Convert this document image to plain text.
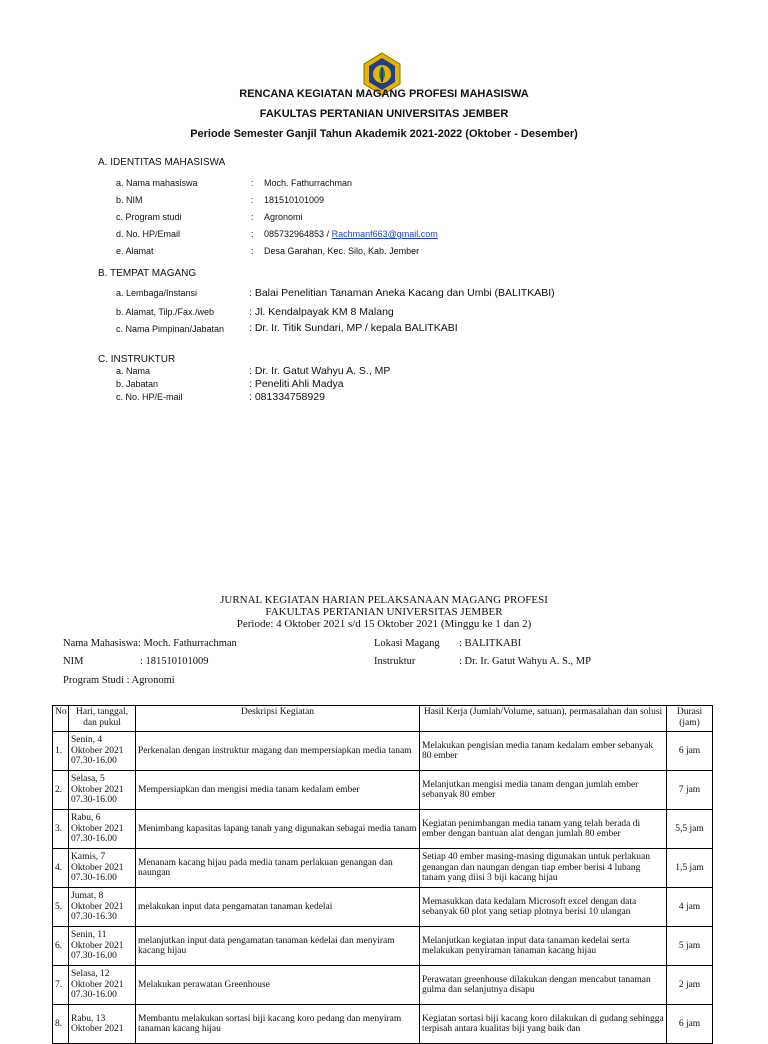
RENCANA KEGIATAN MAGANG PROFESI MAHASISWA
FAKULTAS PERTANIAN UNIVERSITAS JEMBER
Periode Semester Ganjil Tahun Akademik 2021-2022 (Oktober - Desember)
A. IDENTITAS MAHASISWA
a. Nama mahasiswa	: Moch. Fathurrachman
b. NIM	: 181510101009
c. Program studi	: Agronomi
d. No. HP/Email	: 085732964853 / Rachmanf663@gmail.com
e. Alamat	: Desa Garahan, Kec. Silo, Kab. Jember
B. TEMPAT MAGANG
a. Lembaga/Instansi	: Balai Penelitian Tanaman Aneka Kacang dan Umbi (BALITKABI)
b. Alamat, Tilp./Fax./web	: Jl. Kendalpayak KM 8 Malang
c. Nama Pimpinan/Jabatan : Dr. Ir. Titik Sundari, MP / kepala BALITKABI
C. INSTRUKTUR
a. Nama	: Dr. Ir. Gatut Wahyu A. S., MP
b. Jabatan	: Peneliti Ahli Madya
c. No. HP/E-mail	: 081334758929
JURNAL KEGIATAN HARIAN PELAKSANAAN MAGANG PROFESI
FAKULTAS PERTANIAN UNIVERSITAS JEMBER
Periode: 4 Oktober 2021 s/d 15 Oktober 2021 (Minggu ke 1 dan 2)
Nama Mahasiswa: Moch. Fathurrachman	Lokasi Magang : BALITKABI
NIM	: 181510101009	Instruktur	: Dr. Ir. Gatut Wahyu A. S., MP
Program Studi : Agronomi
No	Hari, tanggal, dan pukul	Deskripsi Kegiatan	Hasil Kerja (Jumlah/Volume, satuan), permasalahan dan solusi	Durasi (jam)
1.	Senin, 4 Oktober 2021 07.30-16.00	Perkenalan dengan instruktur magang dan mempersiapkan media tanam	Melakukan pengisian media tanam kedalam ember sebanyak 80 ember	6 jam
2.	Selasa, 5 Oktober 2021 07.30-16.00	Mempersiapkan dan mengisi media tanam kedalam ember	Melanjutkan mengisi media tanam dengan jumlah ember sebanyak 80 ember	7 jam
3.	Rabu, 6 Oktober 2021 07.30-16.00	Menimbang kapasitas lapang tanah yang digunakan sebagai media tanam	Kegiatan penimbangan media tanam yang telah berada di ember dengan bantuan alat dengan jumlah 80 ember	5,5 jam
4.	Kamis, 7 Oktober 2021 07.30-16.00	Menanam kacang hijau pada media tanam perlakuan genangan dan naungan	Setiap 40 ember masing-masing digunakan untuk perlakuan genangan dan naungan dengan tiap ember berisi 4 lubang tanam yang diisi 3 biji kacang hijau	1,5 jam
5.	Jumat, 8 Oktober 2021 07.30-16.30	melakukan input data pengamatan tanaman kedelai	Memasukkan data kedalam Microsoft excel dengan data sebanyak 60 plot yang setiap plotnya berisi 10 ulangan	4 jam
6.	Senin, 11 Oktober 2021 07.30-16.00	melanjutkan input data pengamatan tanaman kedelai dan menyiram kacang hijau	Melanjutkan kegiatan input data tanaman kedelai serta melakukan penyiraman tanaman kacang hijau	5 jam
7.	Selasa, 12 Oktober 2021 07.30-16.00	Melakukan perawatan Greenhouse	Perawatan greenhouse dilakukan dengan mencabut tanaman gulma dan selanjutnya disapu	2 jam
8.	Rabu, 13 Oktober 2021	Membantu melakukan sortasi biji kacang koro pedang dan menyiram tanaman kacang hijau	Kegiatan sortasi biji kacang koro dilakukan di gudang sehingga terpisah antara kualitas biji yang baik dan	6 jam
